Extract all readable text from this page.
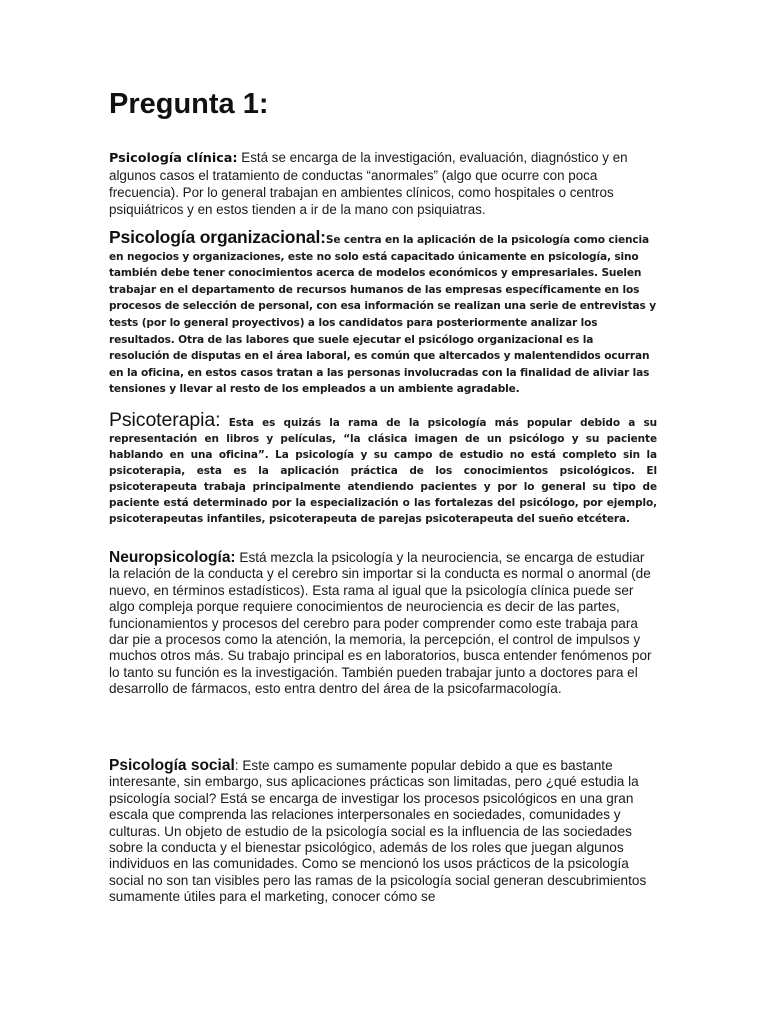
Pregunta 1:

Psicología clínica: Está se encarga de la investigación, evaluación, diagnóstico y en algunos casos el tratamiento de conductas “anormales” (algo que ocurre con poca frecuencia). Por lo general trabajan en ambientes clínicos, como hospitales o centros psiquiátricos y en estos tienden a ir de la mano con psiquiatras.

Psicología organizacional:Se centra en la aplicación de la psicología como ciencia en negocios y organizaciones, este no solo está capacitado únicamente en psicología, sino también debe tener conocimientos acerca de modelos económicos y empresariales. Suelen trabajar en el departamento de recursos humanos de las empresas específicamente en los procesos de selección de personal, con esa información se realizan una serie de entrevistas y tests (por lo general proyectivos) a los candidatos para posteriormente analizar los resultados. Otra de las labores que suele ejecutar el psicólogo organizacional es la resolución de disputas en el área laboral, es común que altercados y malentendidos ocurran en la oficina, en estos casos tratan a las personas involucradas con la finalidad de aliviar las tensiones y llevar al resto de los empleados a un ambiente agradable.

Psicoterapia: Esta es quizás la rama de la psicología más popular debido a su representación en libros y películas, “la clásica imagen de un psicólogo y su paciente hablando en una oficina”. La psicología y su campo de estudio no está completo sin la psicoterapia, esta es la aplicación práctica de los conocimientos psicológicos. El psicoterapeuta trabaja principalmente atendiendo pacientes y por lo general su tipo de paciente está determinado por la especialización o las fortalezas del psicólogo, por ejemplo, psicoterapeutas infantiles, psicoterapeuta de parejas psicoterapeuta del sueño etcétera.

Neuropsicología: Está mezcla la psicología y la neurociencia, se encarga de estudiar la relación de la conducta y el cerebro sin importar si la conducta es normal o anormal (de nuevo, en términos estadísticos). Esta rama al igual que la psicología clínica puede ser algo compleja porque requiere conocimientos de neurociencia es decir de las partes, funcionamientos y procesos del cerebro para poder comprender como este trabaja para dar pie a procesos como la atención, la memoria, la percepción, el control de impulsos y muchos otros más. Su trabajo principal es en laboratorios, busca entender fenómenos por lo tanto su función es la investigación. También pueden trabajar junto a doctores para el desarrollo de fármacos, esto entra dentro del área de la psicofarmacología.

Psicología social: Este campo es sumamente popular debido a que es bastante interesante, sin embargo, sus aplicaciones prácticas son limitadas, pero ¿qué estudia la psicología social? Está se encarga de investigar los procesos psicológicos en una gran escala que comprenda las relaciones interpersonales en sociedades, comunidades y culturas. Un objeto de estudio de la psicología social es la influencia de las sociedades sobre la conducta y el bienestar psicológico, además de los roles que juegan algunos individuos en las comunidades. Como se mencionó los usos prácticos de la psicología social no son tan visibles pero las ramas de la psicología social generan descubrimientos sumamente útiles para el marketing, conocer cómo se
